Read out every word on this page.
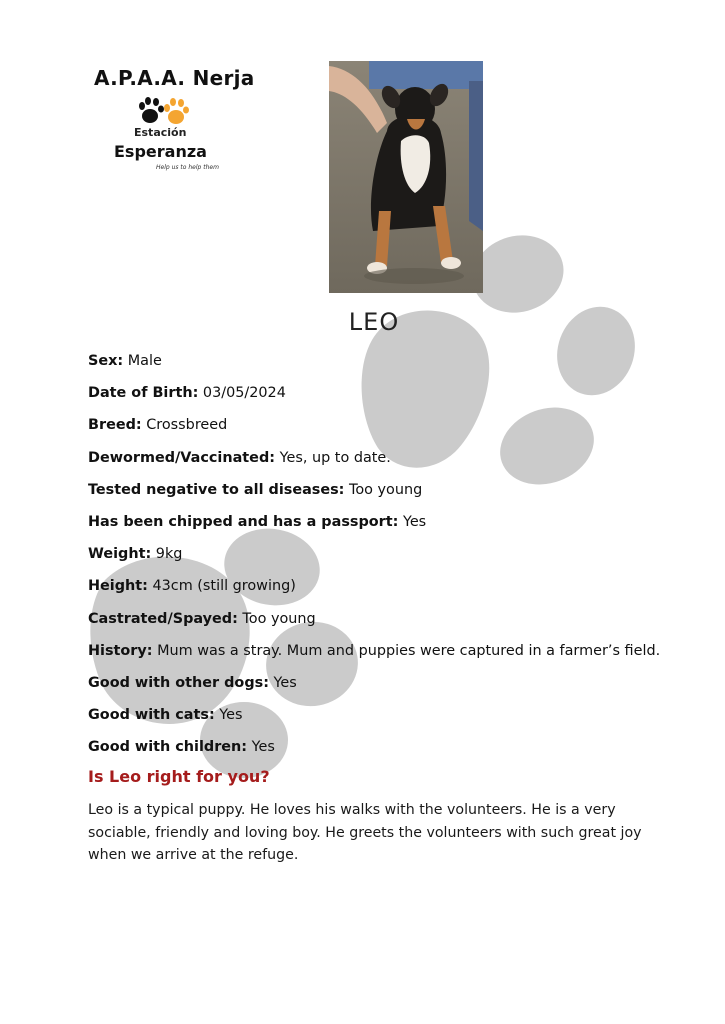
A.P.A.A. Nerja
Estación
Esperanza
Help us to help them
LEO
Sex: Male
Date of Birth: 03/05/2024
Breed: Crossbreed
Dewormed/Vaccinated: Yes, up to date.
Tested negative to all diseases: Too young
Has been chipped and has a passport: Yes
Weight: 9kg
Height: 43cm (still growing)
Castrated/Spayed: Too young
History: Mum was a stray. Mum and puppies were captured in a farmer’s field.
Good with other dogs: Yes
Good with cats: Yes
Good with children: Yes
Is Leo right for you?
Leo is a typical puppy. He loves his walks with the volunteers. He is a very sociable, friendly and loving boy. He greets the volunteers with such great joy when we arrive at the refuge.
